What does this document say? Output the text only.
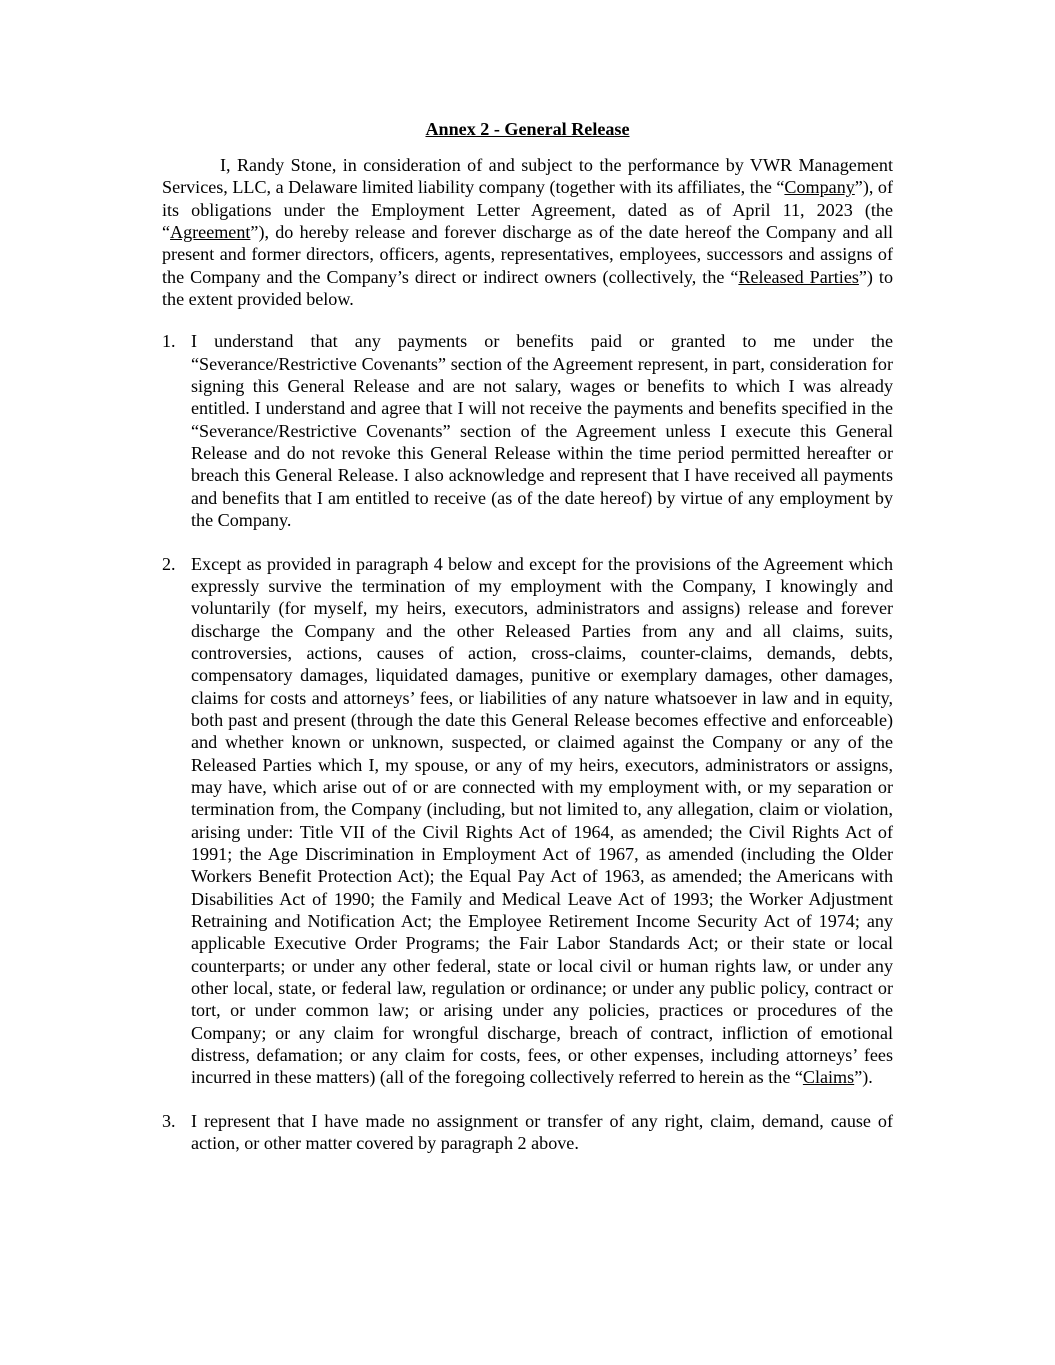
Annex 2 - General Release

I, Randy Stone, in consideration of and subject to the performance by VWR Management Services, LLC, a Delaware limited liability company (together with its affiliates, the “Company”), of its obligations under the Employment Letter Agreement, dated as of April 11, 2023 (the “Agreement”), do hereby release and forever discharge as of the date hereof the Company and all present and former directors, officers, agents, representatives, employees, successors and assigns of the Company and the Company’s direct or indirect owners (collectively, the “Released Parties”) to the extent provided below.

1. I understand that any payments or benefits paid or granted to me under the “Severance/Restrictive Covenants” section of the Agreement represent, in part, consideration for signing this General Release and are not salary, wages or benefits to which I was already entitled. I understand and agree that I will not receive the payments and benefits specified in the “Severance/Restrictive Covenants” section of the Agreement unless I execute this General Release and do not revoke this General Release within the time period permitted hereafter or breach this General Release. I also acknowledge and represent that I have received all payments and benefits that I am entitled to receive (as of the date hereof) by virtue of any employment by the Company.
2. Except as provided in paragraph 4 below and except for the provisions of the Agreement which expressly survive the termination of my employment with the Company, I knowingly and voluntarily (for myself, my heirs, executors, administrators and assigns) release and forever discharge the Company and the other Released Parties from any and all claims, suits, controversies, actions, causes of action, cross-claims, counter-claims, demands, debts, compensatory damages, liquidated damages, punitive or exemplary damages, other damages, claims for costs and attorneys’ fees, or liabilities of any nature whatsoever in law and in equity, both past and present (through the date this General Release becomes effective and enforceable) and whether known or unknown, suspected, or claimed against the Company or any of the Released Parties which I, my spouse, or any of my heirs, executors, administrators or assigns, may have, which arise out of or are connected with my employment with, or my separation or termination from, the Company (including, but not limited to, any allegation, claim or violation, arising under: Title VII of the Civil Rights Act of 1964, as amended; the Civil Rights Act of 1991; the Age Discrimination in Employment Act of 1967, as amended (including the Older Workers Benefit Protection Act); the Equal Pay Act of 1963, as amended; the Americans with Disabilities Act of 1990; the Family and Medical Leave Act of 1993; the Worker Adjustment Retraining and Notification Act; the Employee Retirement Income Security Act of 1974; any applicable Executive Order Programs; the Fair Labor Standards Act; or their state or local counterparts; or under any other federal, state or local civil or human rights law, or under any other local, state, or federal law, regulation or ordinance; or under any public policy, contract or tort, or under common law; or arising under any policies, practices or procedures of the Company; or any claim for wrongful discharge, breach of contract, infliction of emotional distress, defamation; or any claim for costs, fees, or other expenses, including attorneys’ fees incurred in these matters) (all of the foregoing collectively referred to herein as the “Claims”).
3. I represent that I have made no assignment or transfer of any right, claim, demand, cause of action, or other matter covered by paragraph 2 above.
